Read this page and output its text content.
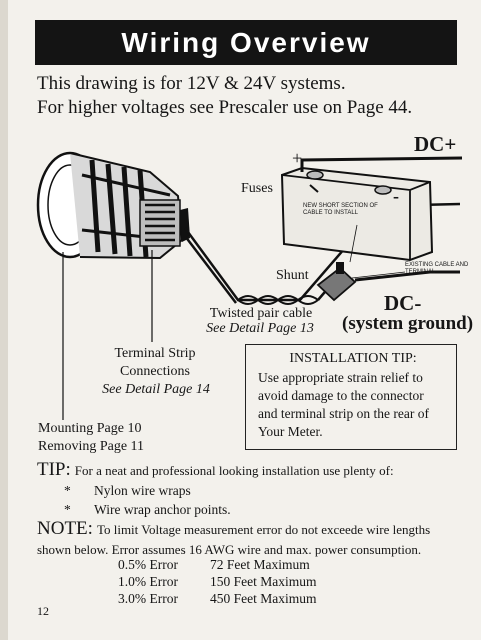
Wiring Overview
This drawing is for 12V & 24V systems.
For higher voltages see Prescaler use on Page 44.
DC+
+
-
Fuses
NEW SHORT SECTION OF CABLE TO INSTALL
EXISTING CABLE AND TERMINAL
Shunt
DC-
(system ground)
Twisted pair cable
See Detail Page 13
Terminal Strip
Connections
See Detail Page 14
Mounting Page 10
Removing Page 11
INSTALLATION TIP:
Use appropriate strain relief to
avoid damage to the connector
and terminal strip on the rear of
Your Meter.
TIP: For a neat and professional looking installation use plenty of:
* Nylon wire wraps
* Wire wrap anchor points.
NOTE: To limit Voltage measurement error do not exceede wire lengths
shown below. Error assumes 16 AWG wire and max. power consumption.
0.5% Error	72 Feet Maximum
1.0% Error	150 Feet Maximum
3.0% Error	450 Feet Maximum
12
